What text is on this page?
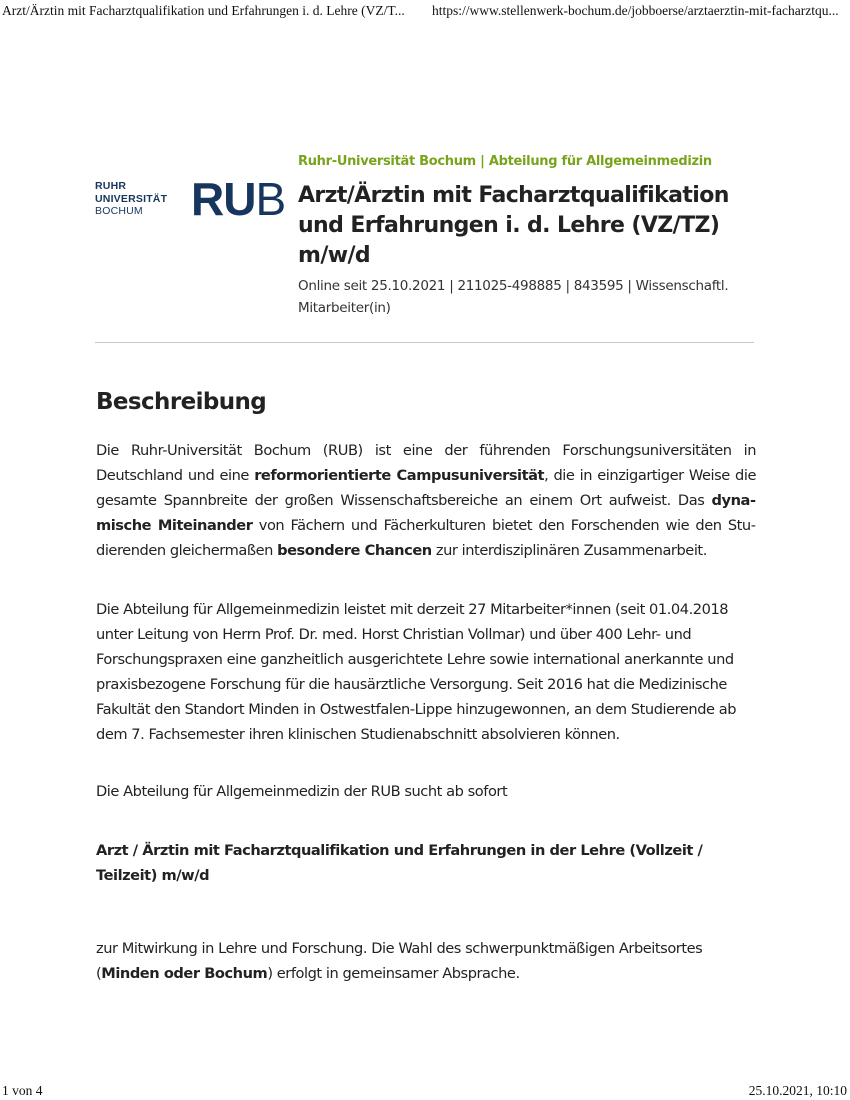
Arzt/Ärztin mit Facharztqualifikation und Erfahrungen i. d. Lehre (VZ/T... https://www.stellenwerk-bochum.de/jobboerse/arztaerztin-mit-facharztqu...
RUHR
UNIVERSITÄT
BOCHUM	RUB
Ruhr-Universität Bochum | Abteilung für Allgemeinmedizin
Arzt/Ärztin mit Facharztqualifikation und Erfahrungen i. d. Lehre (VZ/TZ) m/w/d
Online seit 25.10.2021 | 211025-498885 | 843595 | Wissenschaftl. Mitarbeiter(in)
Beschreibung

Die Ruhr-Universität Bochum (RUB) ist eine der führenden Forschungsuniversitäten in Deutschland und eine reformorientierte Campusuniversität, die in einzigartiger Weise die gesamte Spannbreite der großen Wissenschaftsbereiche an einem Ort aufweist. Das dynamische Miteinander von Fächern und Fächerkulturen bietet den Forschenden wie den Studierenden gleichermaßen besondere Chancen zur interdisziplinären Zusammenarbeit.

Die Abteilung für Allgemeinmedizin leistet mit derzeit 27 Mitarbeiter*innen (seit 01.04.2018 unter Leitung von Herrn Prof. Dr. med. Horst Christian Vollmar) und über 400 Lehr- und Forschungspraxen eine ganzheitlich ausgerichtete Lehre sowie international anerkannte und praxisbezogene Forschung für die hausärztliche Versorgung. Seit 2016 hat die Medizinische Fakultät den Standort Minden in Ostwestfalen-Lippe hinzugewonnen, an dem Studierende ab dem 7. Fachsemester ihren klinischen Studienabschnitt absolvieren können.

Die Abteilung für Allgemeinmedizin der RUB sucht ab sofort

Arzt / Ärztin mit Facharztqualifikation und Erfahrungen in der Lehre (Vollzeit / Teilzeit) m/w/d

zur Mitwirkung in Lehre und Forschung. Die Wahl des schwerpunktmäßigen Arbeitsortes (Minden oder Bochum) erfolgt in gemeinsamer Absprache.

1 von 4	25.10.2021, 10:10
